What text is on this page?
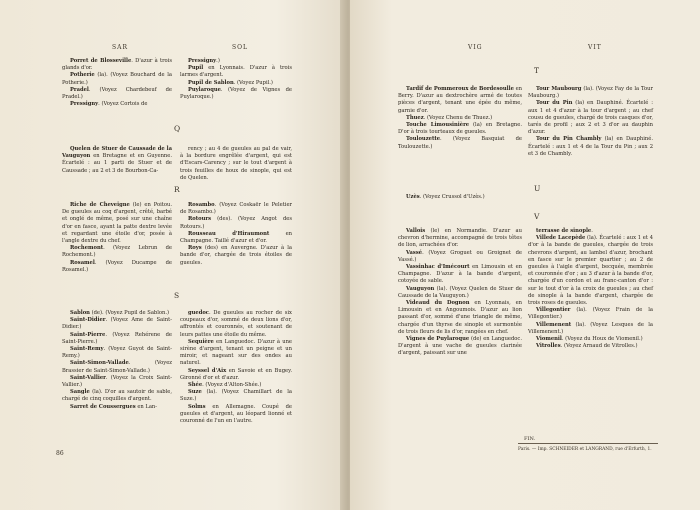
SAR	SOL

Porret de Blosseville. D'azur à trois glands d'or.

Potherie (la). (Voyez Bouchard de la Potherie.)

Pradel. (Voyez Chardebeuf de Pradel.)

Pressigny. (Voyez Cortois de

Pressigny.)

Pupil en Lyonnais. D'azur à trois larmes d'argent.

Pupil de Sablon. (Voyez Pupil.)

Puylaroque. (Voyez de Vignes de Puylaroque.)

Q

Quelen de Stuer de Caussade de la Vauguyon en Bretagne et en Guyenne. Écartelé : au 1 parti de Stuer et de Caussade ; au 2 et 3 de Bourbon-Ca-

rency ; au 4 de gueules au pal de vair, à la bordure engrêlée d'argent, qui est d'Escars-Carency ; sur le tout d'argent à trois feuilles de houx de sinople, qui est de Quelen.

R

Riche de Cheveigne (le) en Poitou. De gueules au coq d'argent, crêté, barbé et onglé de même, posé sur une chaîne d'or en fasce, ayant la patte dextre levée et regardant une étoile d'or, posée à l'angle dextre du chef.

Rochemont. (Voyez Lebrun de Rochemont.)

Rosamel. (Voyez Ducampe de Rosamel.)

Rosambo. (Voyez Coskaër le Peletier de Rosambo.)

Rotours (des). (Voyez Angot des Rotours.)

Rousseau d'Hiraumont en Champagne. Taillé d'azur et d'or.

Roys (des) en Auvergne. D'azur à la bande d'or, chargée de trois étoiles de gueules.

S

Sablon (de). (Voyez Pupil de Sablon.)

Saint-Didier. (Voyez Ame de Saint-Didier.)

Saint-Pierre. (Voyez Rehérene de Saint-Pierre.)

Saint-Remy. (Voyez Guyot de Saint-Remy.)

Saint-Simon-Vallade. (Voyez Brassier de Saint-Simon-Vallade.)

Saint-Vallier. (Voyez la Croix Saint-Vallier.)

Sangle (la). D'or au sautoir de sable, chargé de cinq coquilles d'argent.

Sarret de Coussergues en Lan-

guedoc. De gueules au rocher de six coupeaux d'or, sommé de deux lions d'or, affrontés et couronnés, et soutenant de leurs pattes une étoile du même.

Sequière en Languedoc. D'azur à une sirène d'argent, tenant un peigne et un miroir, et nageant sur des ondes au naturel.

Seyssel d'Aix en Savoie et en Bugey. Gironné d'or et d'azur.

Shée. (Voyez d'Alton-Shée.)

Suze (la). (Voyez Chamillart de la Suze.)

Solms en Allemagne. Coupé de gueules et d'argent, au léopard lionné et couronné de l'un en l'autre.

86
VIG	VIT
T

Tardif de Pommeroux de Bordesoulle en Berry. D'azur au dextrochère armé de toutes pièces d'argent, tenant une épée du même, garnie d'or.

Thuez. (Voyez Chenu de Thuez.)

Touche Limousinière (la) en Bretagne. D'or à trois tourteaux de gueules.

Toulouzette. (Voyez Basquiat de Toulouzette.)

Tour Maubourg (la). (Voyez Fay de la Tour Maubourg.)

Tour du Pin (la) en Dauphiné. Écartelé : aux 1 et 4 d'azur à la tour d'argent ; au chef cousu de gueules, chargé de trois casques d'or, tarés de profil ; aux 2 et 3 d'or au dauphin d'azur.

Tour du Pin Chambly (la) en Dauphiné. Écartelé : aux 1 et 4 de la Tour du Pin ; aux 2 et 3 de Chambly.

U

Uzès. (Voyez Crussol d'Uzès.)

V

Vallois (le) en Normandie. D'azur au chevron d'hermine, accompagné de trois têtes de lion, arrachées d'or.

Vassé. (Voyez Groguet ou Groignet de Vassé.)

Vassinhac d'Imécourt en Limousin et en Champagne. D'azur à la bande d'argent, cotoyée de sable.

Vauguyon (la). (Voyez Quelen de Stuer de Caussade de la Vauguyon.)

Videaud du Dognon en Lyonnais, en Limousin et en Angoumois. D'azur au lion passant d'or, sommé d'une triangle de même, chargée d'un thyrse de sinople et surmontée de trois fleurs de lis d'or, rangées en chef.

Vignes de Puylaroque (de) en Languedoc. D'argent à une vache de gueules clarinée d'argent, paissant sur une

terrasse de sinople.

Villedе Lacepède (la). Écartelé : aux 1 et 4 d'or à la bande de gueules, chargée de trois chevrons d'argent, au lambel d'azur, brochant en fasce sur le premier quartier ; au 2 de gueules à l'aigle d'argent, becquée, membrée et couronnée d'or ; au 3 d'azur à la bande d'or, chargée d'un cordon et au franc-canton d'or : sur le tout d'or à la croix de gueules ; au chef de sinople à la bande d'argent, chargée de trois roses de gueules.

Villegontier (la). (Voyez Frain de la Villegontier.)

Villemenent (la). (Voyez Lesques de la Villemenent.)

Viomenil. (Voyez du Houx de Viomenil.)

Vitrolles. (Voyez Arnaud de Vitrolles.)

FIN.
Paris. — Imp. SCHNEIDER et LANGRAND, rue d'Erfurth, 1.
